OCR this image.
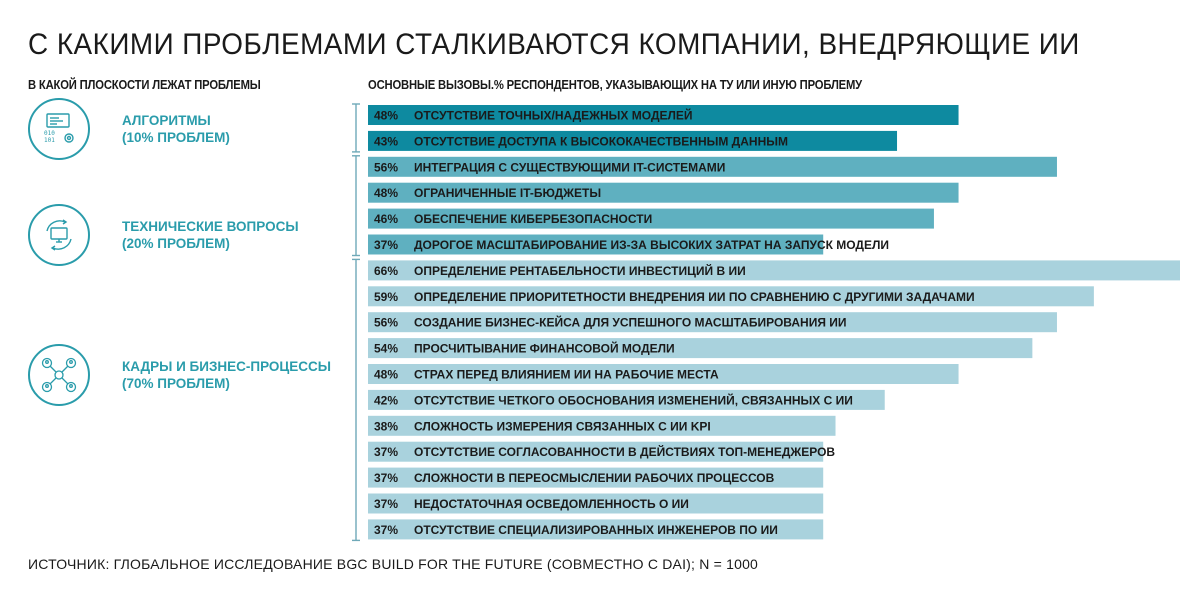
С КАКИМИ ПРОБЛЕМАМИ СТАЛКИВАЮТСЯ КОМПАНИИ, ВНЕДРЯЮЩИЕ ИИ
В КАКОЙ ПЛОСКОСТИ ЛЕЖАТ ПРОБЛЕМЫ	ОСНОВНЫЕ ВЫЗОВЫ.% РЕСПОНДЕНТОВ, УКАЗЫВАЮЩИХ НА ТУ ИЛИ ИНУЮ ПРОБЛЕМУ
010
101
АЛГОРИТМЫ
(10% ПРОБЛЕМ)
ТЕХНИЧЕСКИЕ ВОПРОСЫ
(20% ПРОБЛЕМ)
КАДРЫ И БИЗНЕС-ПРОЦЕССЫ
(70% ПРОБЛЕМ)
48% ОТСУТСТВИЕ ТОЧНЫХ/НАДЕЖНЫХ МОДЕЛЕЙ
43% ОТСУТСТВИЕ ДОСТУПА К ВЫСОКОКАЧЕСТВЕННЫМ ДАННЫМ
56% ИНТЕГРАЦИЯ С СУЩЕСТВУЮЩИМИ IT-СИСТЕМАМИ
48% ОГРАНИЧЕННЫЕ IT-БЮДЖЕТЫ
46% ОБЕСПЕЧЕНИЕ КИБЕРБЕЗОПАСНОСТИ
37% ДОРОГОЕ МАСШТАБИРОВАНИЕ ИЗ-ЗА ВЫСОКИХ ЗАТРАТ НА ЗАПУСК МОДЕЛИ
66% ОПРЕДЕЛЕНИЕ РЕНТАБЕЛЬНОСТИ ИНВЕСТИЦИЙ В ИИ
59% ОПРЕДЕЛЕНИЕ ПРИОРИТЕТНОСТИ ВНЕДРЕНИЯ ИИ ПО СРАВНЕНИЮ С ДРУГИМИ ЗАДАЧАМИ
56% СОЗДАНИЕ БИЗНЕС-КЕЙСА ДЛЯ УСПЕШНОГО МАСШТАБИРОВАНИЯ ИИ
54% ПРОСЧИТЫВАНИЕ ФИНАНСОВОЙ МОДЕЛИ
48% СТРАХ ПЕРЕД ВЛИЯНИЕМ ИИ НА РАБОЧИЕ МЕСТА
42% ОТСУТСТВИЕ ЧЕТКОГО ОБОСНОВАНИЯ ИЗМЕНЕНИЙ, СВЯЗАННЫХ С ИИ
38% СЛОЖНОСТЬ ИЗМЕРЕНИЯ СВЯЗАННЫХ С ИИ KPI
37% ОТСУТСТВИЕ СОГЛАСОВАННОСТИ В ДЕЙСТВИЯХ ТОП-МЕНЕДЖЕРОВ
37% СЛОЖНОСТИ В ПЕРЕОСМЫСЛЕНИИ РАБОЧИХ ПРОЦЕССОВ
37% НЕДОСТАТОЧНАЯ ОСВЕДОМЛЕННОСТЬ О ИИ
37% ОТСУТСТВИЕ СПЕЦИАЛИЗИРОВАННЫХ ИНЖЕНЕРОВ ПО ИИ
ИСТОЧНИК: ГЛОБАЛЬНОЕ ИССЛЕДОВАНИЕ BGC BUILD FOR THE FUTURE (СОВМЕСТНО С DAI); N = 1000
